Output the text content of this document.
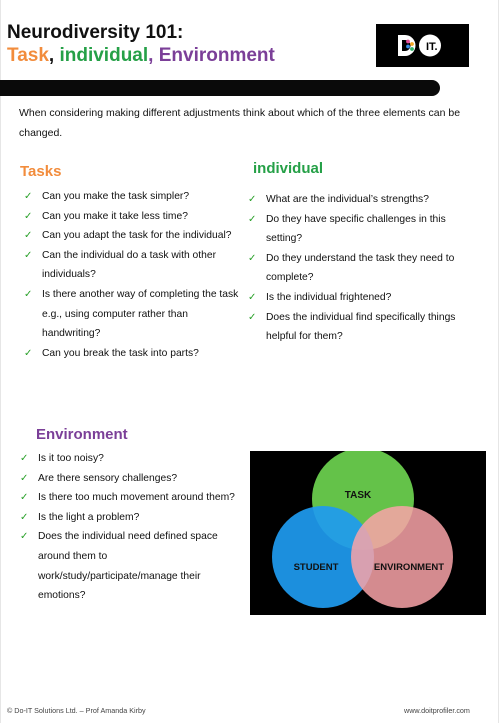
Neurodiversity 101:
Task, individual, Environment	IT.

When considering making different adjustments think about which of the three elements can be changed.

Tasks
✓ Can you make the task simpler?
✓ Can you make it take less time?
✓ Can you adapt the task for the individual?
✓ Can the individual do a task with other individuals?
✓ Is there another way of completing the task e.g., using computer rather than handwriting?
✓ Can you break the task into parts?
individual
✓ What are the individual’s strengths?
✓ Do they have specific challenges in this setting?
✓ Do they understand the task they need to complete?
✓ Is the individual frightened?
✓ Does the individual find specifically things helpful for them?
Environment
✓ Is it too noisy?
✓ Are there sensory challenges?
✓ Is there too much movement around them?
✓ Is the light a problem?
✓ Does the individual need defined space around them to work/study/participate/manage their emotions?
TASK
STUDENT	ENVIRONMENT
© Do-IT Solutions Ltd. – Prof Amanda Kirby	www.doitprofiler.com
